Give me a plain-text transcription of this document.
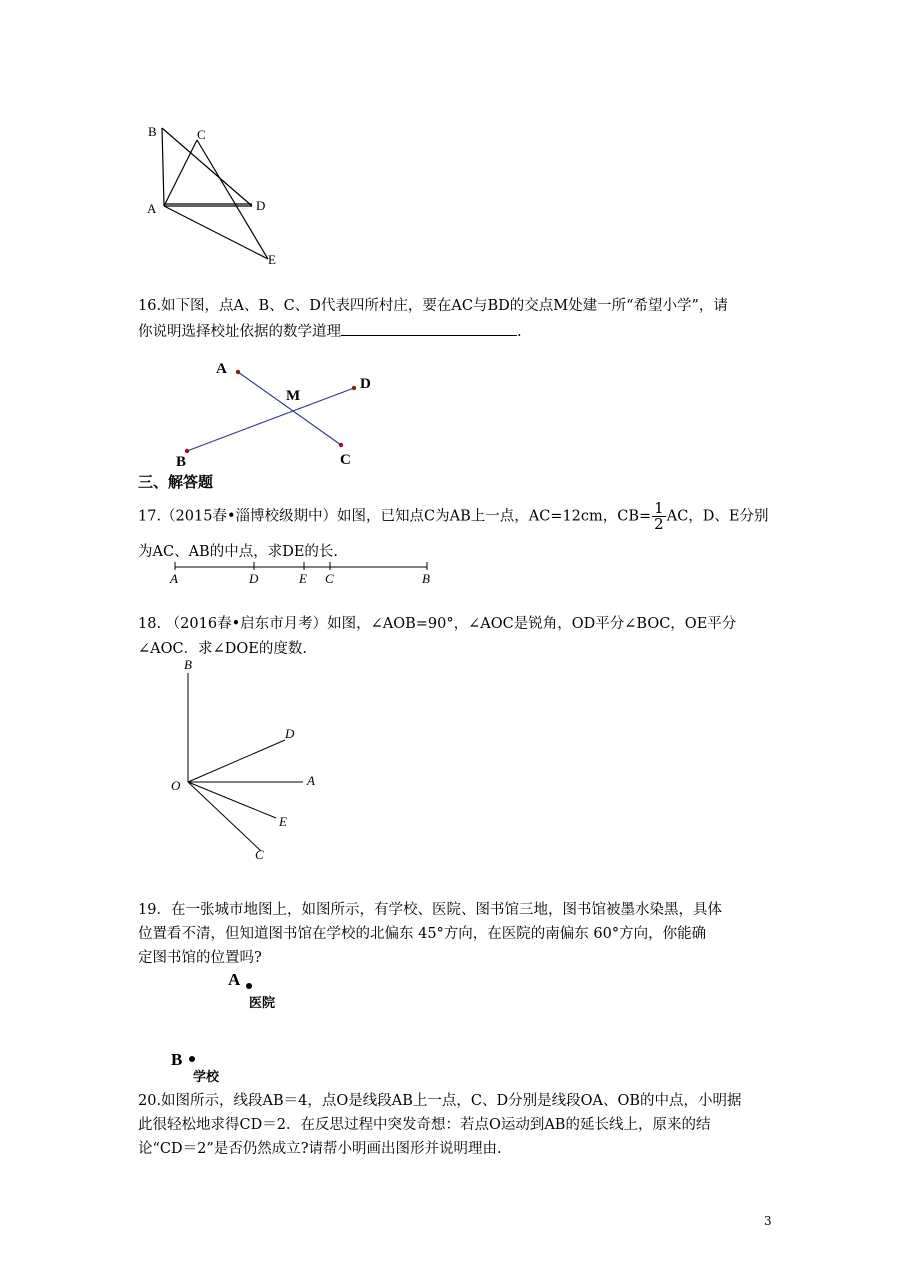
B	C
A	D
E
16.如下图，点A、B、C、D代表四所村庄，要在AC与BD的交点M处建一所“希望小学”，请
你说明选择校址依据的数学道理	.
A
D
M
B	C
三、解答题
17.（2015春•淄博校级期中）如图，已知点C为AB上一点，AC=12cm，$CB= \frac{1}{2}$ AC，D、E分别
为AC、AB的中点，求DE的长.
A	D	E C	B
18. （2016春•启东市月考）如图，∠AOB=90°，∠AOC是锐角，OD平分∠BOC，OE平分
∠AOC．求∠DOE的度数.
B
D
O	A
E
C
19．在一张城市地图上，如图所示，有学校、医院、图书馆三地，图书馆被墨水染黑，具体
位置看不清，但知道图书馆在学校的北偏东 45°方向，在医院的南偏东 60°方向，你能确
定图书馆的位置吗?
A
医院
B
学校
20.如图所示，线段AB＝4，点O是线段AB上一点，C、D分别是线段OA、OB的中点，小明据
此很轻松地求得CD＝2．在反思过程中突发奇想：若点O运动到AB的延长线上，原来的结
论“CD＝2”是否仍然成立?请帮小明画出图形并说明理由.
3
